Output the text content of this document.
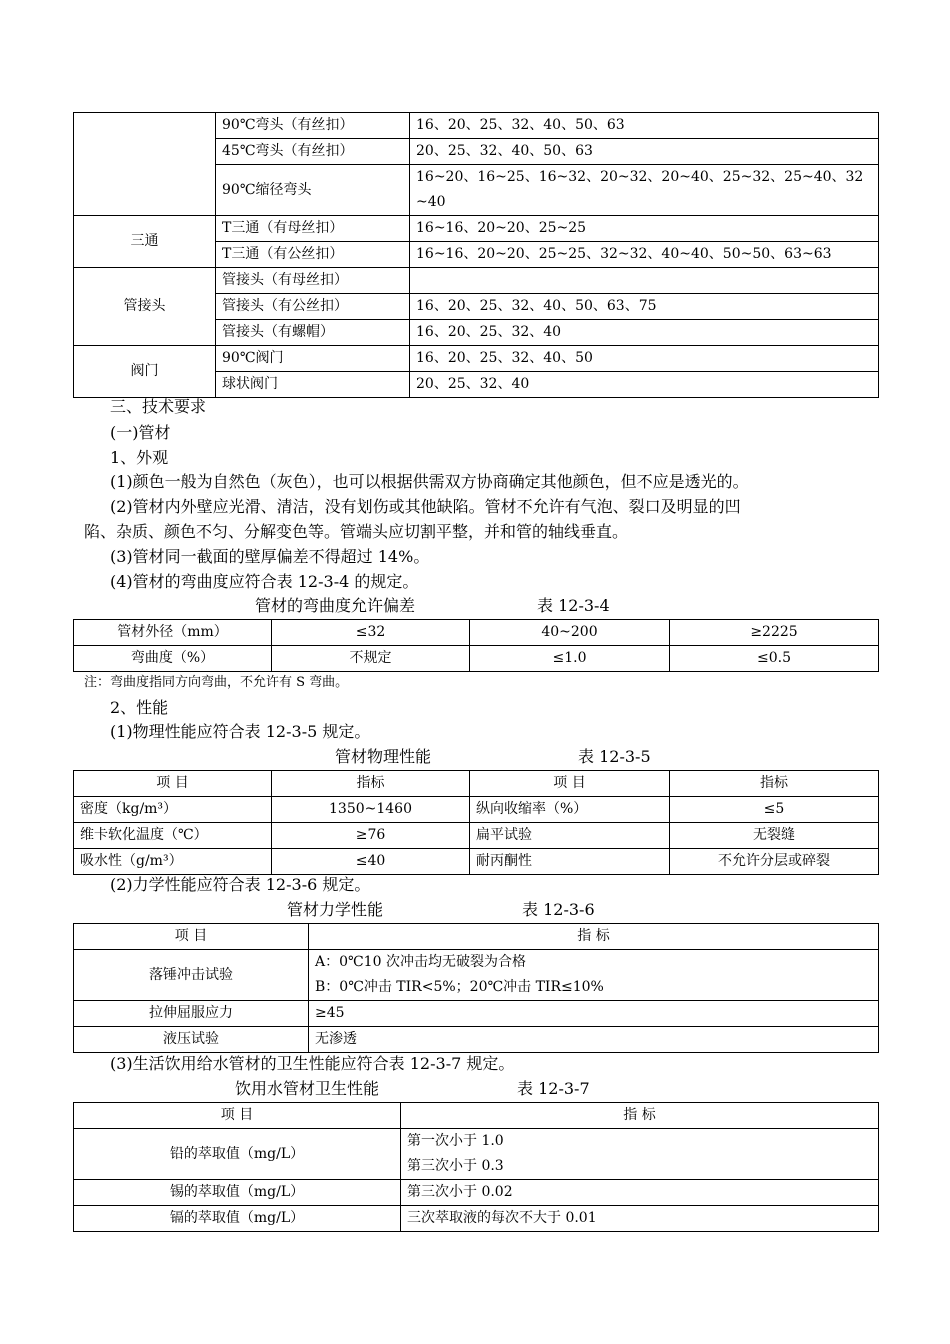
	90℃弯头（有丝扣）	16、20、25、32、40、50、63
	45℃弯头（有丝扣）	20、25、32、40、50、63
	90℃缩径弯头	16~20、16~25、16~32、20~32、20~40、25~32、25~40、32~40
三通	T三通（有母丝扣）	16~16、20~20、25~25
	T三通（有公丝扣）	16~16、20~20、25~25、32~32、40~40、50~50、63~63
管接头	管接头（有母丝扣）	
	管接头（有公丝扣）	16、20、25、32、40、50、63、75
	管接头（有螺帽）	16、20、25、32、40
阀门	90℃阀门	16、20、25、32、40、50
	球状阀门	20、25、32、40
三、技术要求
(一)管材
1、外观
(1)颜色一般为自然色（灰色），也可以根据供需双方协商确定其他颜色，但不应是透光的。
(2)管材内外壁应光滑、清洁，没有划伤或其他缺陷。管材不允许有气泡、裂口及明显的凹
陷、杂质、颜色不匀、分解变色等。管端头应切割平整，并和管的轴线垂直。
(3)管材同一截面的壁厚偏差不得超过 14%。
(4)管材的弯曲度应符合表 12-3-4 的规定。
管材的弯曲度允许偏差	表 12-3-4
管材外径（mm）	≤32	40~200	≥2225
弯曲度（%）	不规定	≤1.0	≤0.5
注：弯曲度指同方向弯曲，不允许有 S 弯曲。
2、性能
(1)物理性能应符合表 12-3-5 规定。
管材物理性能	表 12-3-5
项 目	指标	项 目	指标
密度（kg/m³）	1350~1460	纵向收缩率（%）	≤5
维卡软化温度（℃）	≥76	扁平试验	无裂缝
吸水性（g/m³）	≤40	耐丙酮性	不允许分层或碎裂
(2)力学性能应符合表 12-3-6 规定。
管材力学性能	表 12-3-6
项 目	指 标
落锤冲击试验	A：0℃10 次冲击均无破裂为合格
B：0℃冲击 TIR<5%；20℃冲击 TIR≤10%

拉伸屈服应力	≥45
液压试验	无渗透
(3)生活饮用给水管材的卫生性能应符合表 12-3-7 规定。
饮用水管材卫生性能	表 12-3-7
项 目	指 标
铅的萃取值（mg/L）	第一次小于 1.0
第三次小于 0.3

锡的萃取值（mg/L）	第三次小于 0.02
镉的萃取值（mg/L）	三次萃取液的每次不大于 0.01
